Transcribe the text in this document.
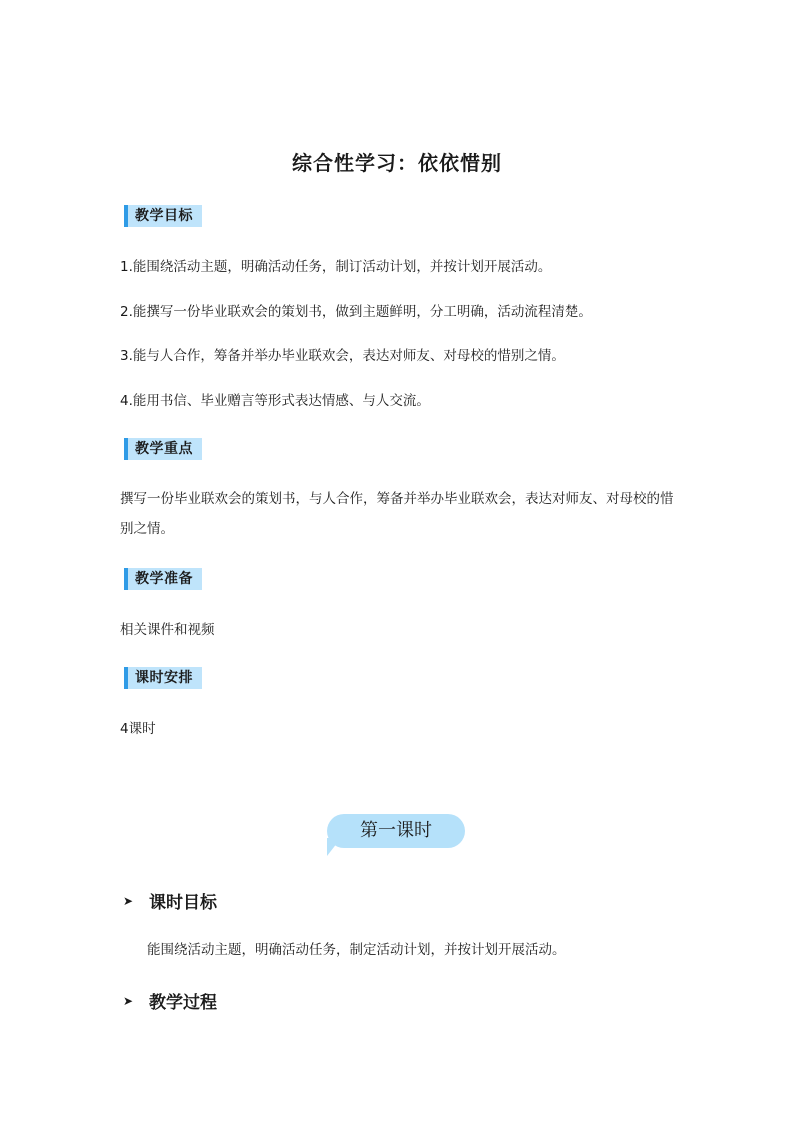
综合性学习：依依惜别
教学目标
1.能围绕活动主题，明确活动任务，制订活动计划，并按计划开展活动。
2.能撰写一份毕业联欢会的策划书，做到主题鲜明，分工明确，活动流程清楚。
3.能与人合作，筹备并举办毕业联欢会，表达对师友、对母校的惜别之情。
4.能用书信、毕业赠言等形式表达情感、与人交流。
教学重点
撰写一份毕业联欢会的策划书，与人合作，筹备并举办毕业联欢会，表达对师友、对母校的惜别之情。
教学准备
相关课件和视频
课时安排
4课时
第一课时
➤ 课时目标
能围绕活动主题，明确活动任务，制定活动计划，并按计划开展活动。
➤ 教学过程
